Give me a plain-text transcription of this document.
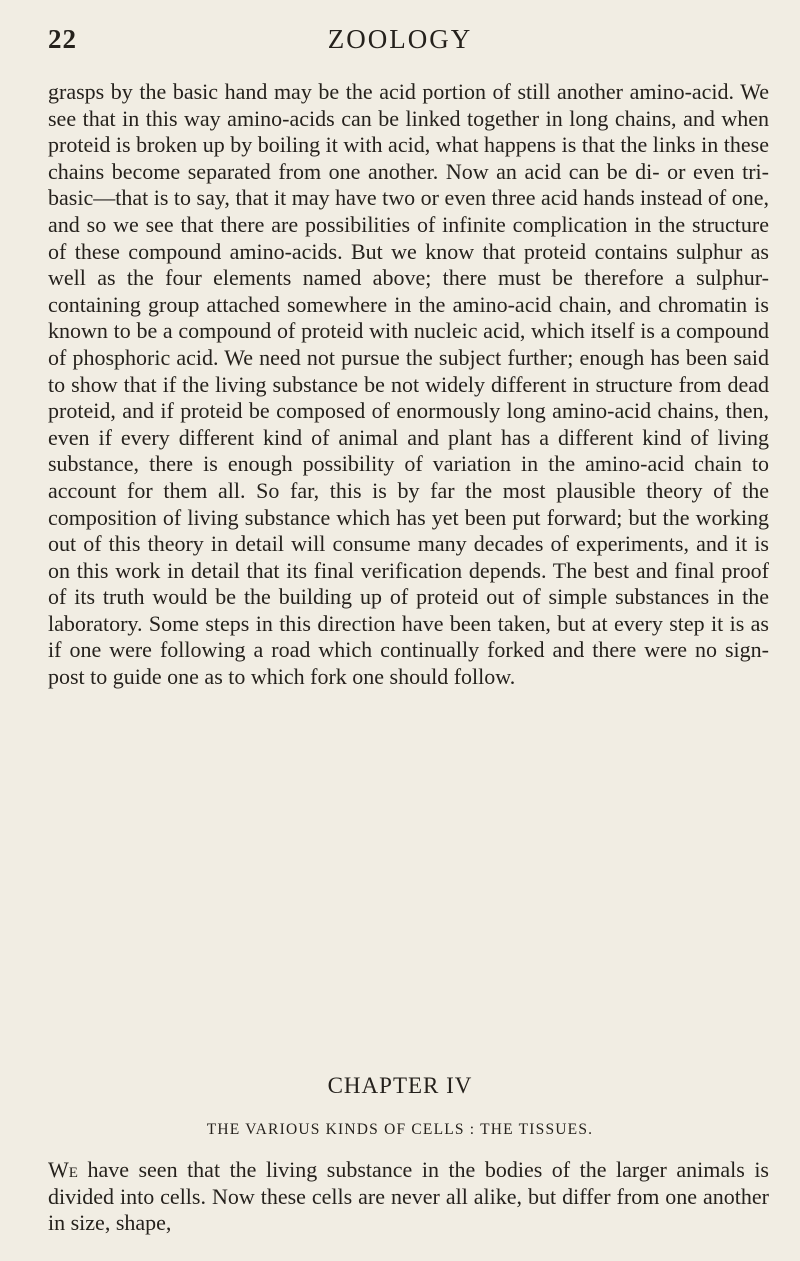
22	ZOOLOGY

grasps by the basic hand may be the acid portion of still another amino-acid. We see that in this way amino-acids can be linked together in long chains, and when proteid is broken up by boiling it with acid, what happens is that the links in these chains become separated from one another. Now an acid can be di- or even tri-basic—that is to say, that it may have two or even three acid hands instead of one, and so we see that there are possibilities of infinite complication in the structure of these compound amino-acids. But we know that proteid contains sulphur as well as the four elements named above; there must be therefore a sulphur-containing group attached somewhere in the amino-acid chain, and chromatin is known to be a compound of proteid with nucleic acid, which itself is a compound of phosphoric acid. We need not pursue the subject further; enough has been said to show that if the living substance be not widely different in structure from dead proteid, and if proteid be composed of enormously long amino-acid chains, then, even if every different kind of animal and plant has a different kind of living substance, there is enough possibility of variation in the amino-acid chain to account for them all. So far, this is by far the most plausible theory of the composition of living substance which has yet been put forward; but the working out of this theory in detail will consume many decades of experiments, and it is on this work in detail that its final verification depends. The best and final proof of its truth would be the building up of proteid out of simple substances in the laboratory. Some steps in this direction have been taken, but at every step it is as if one were following a road which continually forked and there were no sign-post to guide one as to which fork one should follow.

CHAPTER IV
THE VARIOUS KINDS OF CELLS : THE TISSUES.

We have seen that the living substance in the bodies of the larger animals is divided into cells. Now these cells are never all alike, but differ from one another in size, shape,
